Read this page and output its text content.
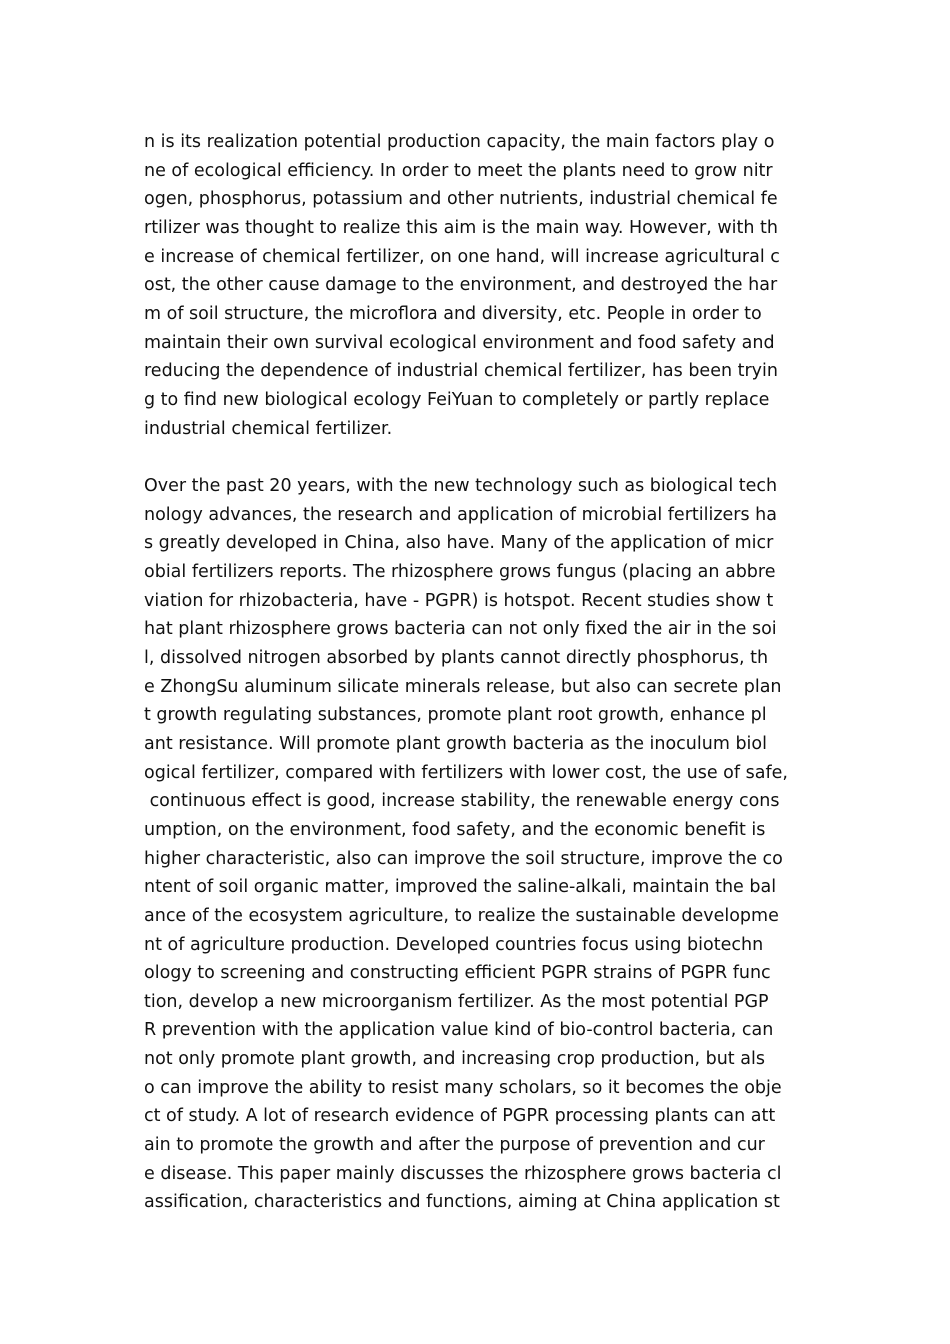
n is its realization potential production capacity, the main factors play o
ne of ecological efficiency. In order to meet the plants need to grow nitr
ogen, phosphorus, potassium and other nutrients, industrial chemical fe
rtilizer was thought to realize this aim is the main way. However, with th
e increase of chemical fertilizer, on one hand, will increase agricultural c
ost, the other cause damage to the environment, and destroyed the har
m of soil structure, the microflora and diversity, etc. People in order to
maintain their own survival ecological environment and food safety and
reducing the dependence of industrial chemical fertilizer, has been tryin
g to find new biological ecology FeiYuan to completely or partly replace
industrial chemical fertilizer.

Over the past 20 years, with the new technology such as biological tech
nology advances, the research and application of microbial fertilizers ha
s greatly developed in China, also have. Many of the application of micr
obial fertilizers reports. The rhizosphere grows fungus (placing an abbre
viation for rhizobacteria, have - PGPR) is hotspot. Recent studies show t
hat plant rhizosphere grows bacteria can not only fixed the air in the soi
l, dissolved nitrogen absorbed by plants cannot directly phosphorus, th
e ZhongSu aluminum silicate minerals release, but also can secrete plan
t growth regulating substances, promote plant root growth, enhance pl
ant resistance. Will promote plant growth bacteria as the inoculum biol
ogical fertilizer, compared with fertilizers with lower cost, the use of safe,
continuous effect is good, increase stability, the renewable energy cons
umption, on the environment, food safety, and the economic benefit is
higher characteristic, also can improve the soil structure, improve the co
ntent of soil organic matter, improved the saline-alkali, maintain the bal
ance of the ecosystem agriculture, to realize the sustainable developme
nt of agriculture production. Developed countries focus using biotechn
ology to screening and constructing efficient PGPR strains of PGPR func
tion, develop a new microorganism fertilizer. As the most potential PGP
R prevention with the application value kind of bio-control bacteria, can
not only promote plant growth, and increasing crop production, but als
o can improve the ability to resist many scholars, so it becomes the obje
ct of study. A lot of research evidence of PGPR processing plants can att
ain to promote the growth and after the purpose of prevention and cur
e disease. This paper mainly discusses the rhizosphere grows bacteria cl
assification, characteristics and functions, aiming at China application st
